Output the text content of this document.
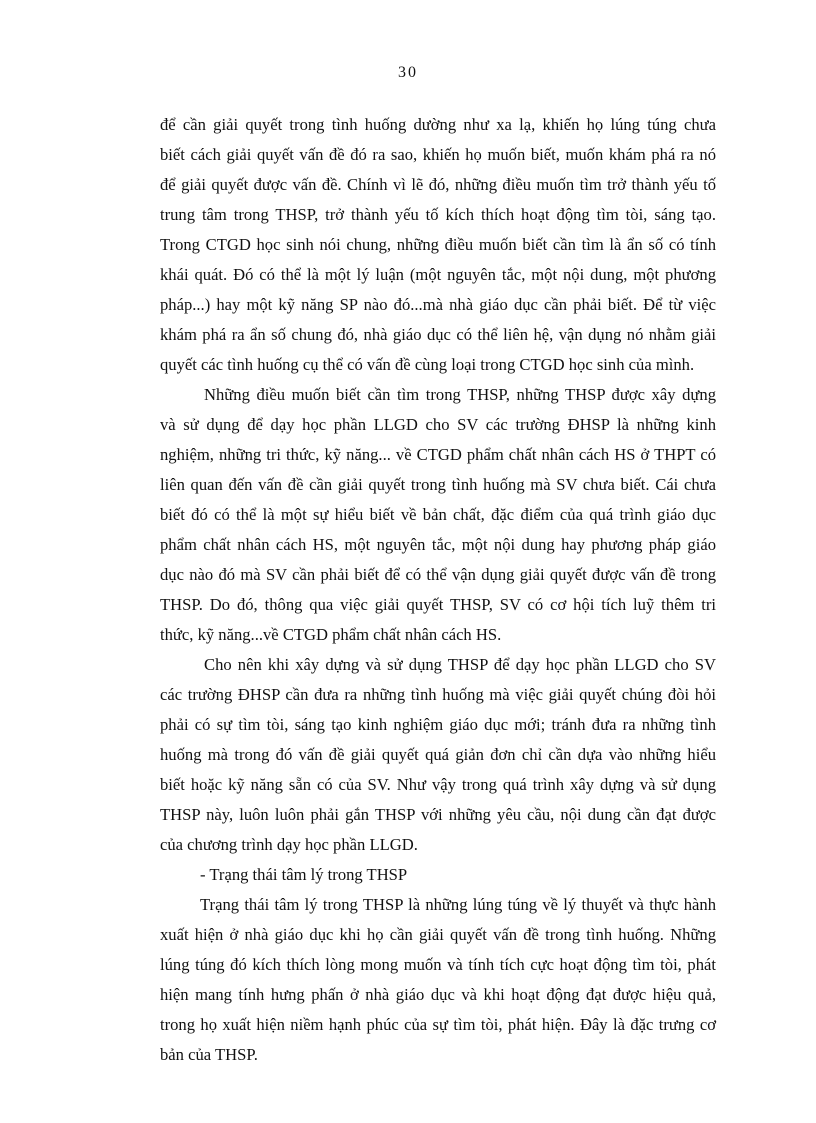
30
để cần giải quyết trong tình huống dường như xa lạ, khiến họ lúng túng chưa
biết cách giải quyết vấn đề đó ra sao, khiến họ muốn biết, muốn khám phá ra nó
để giải quyết được vấn đề. Chính vì lẽ đó, những điều muốn tìm trở thành yếu tố
trung tâm trong THSP, trở thành yếu tố kích thích hoạt động tìm tòi, sáng tạo.
Trong CTGD học sinh nói chung, những điều muốn biết cần tìm là ẩn số có tính
khái quát. Đó có thể là một lý luận (một nguyên tắc, một nội dung, một phương
pháp...) hay một kỹ năng SP nào đó...mà nhà giáo dục cần phải biết. Để từ việc
khám phá ra ẩn số chung đó, nhà giáo dục có thể liên hệ, vận dụng nó nhằm giải
quyết các tình huống cụ thể có vấn đề cùng loại trong CTGD học sinh của mình.
Những điều muốn biết cần tìm trong THSP, những THSP được xây dựng
và sử dụng để dạy học phần LLGD cho SV các trường ĐHSP là những kinh
nghiệm, những tri thức, kỹ năng... về CTGD phẩm chất nhân cách HS ở THPT có
liên quan đến vấn đề cần giải quyết trong tình huống mà SV chưa biết. Cái chưa
biết đó có thể là một sự hiểu biết về bản chất, đặc điểm của quá trình giáo dục
phẩm chất nhân cách HS, một nguyên tắc, một nội dung hay phương pháp giáo
dục nào đó mà SV cần phải biết để có thể vận dụng giải quyết được vấn đề trong
THSP. Do đó, thông qua việc giải quyết THSP, SV có cơ hội tích luỹ thêm tri
thức, kỹ năng...về CTGD phẩm chất nhân cách HS.
Cho nên khi xây dựng và sử dụng THSP để dạy học phần LLGD cho SV
các trường ĐHSP cần đưa ra những tình huống mà việc giải quyết chúng đòi hỏi
phải có sự tìm tòi, sáng tạo kinh nghiệm giáo dục mới; tránh đưa ra những tình
huống mà trong đó vấn đề giải quyết quá giản đơn chỉ cần dựa vào những hiểu
biết hoặc kỹ năng sẵn có của SV. Như vậy trong quá trình xây dựng và sử dụng
THSP này, luôn luôn phải gắn THSP với những yêu cầu, nội dung cần đạt được
của chương trình dạy học phần LLGD.
- Trạng thái tâm lý trong THSP
Trạng thái tâm lý trong THSP là những lúng túng về lý thuyết và thực hành
xuất hiện ở nhà giáo dục khi họ cần giải quyết vấn đề trong tình huống. Những
lúng túng đó kích thích lòng mong muốn và tính tích cực hoạt động tìm tòi, phát
hiện mang tính hưng phấn ở nhà giáo dục và khi hoạt động đạt được hiệu quả,
trong họ xuất hiện niềm hạnh phúc của sự tìm tòi, phát hiện. Đây là đặc trưng cơ
bản của THSP.
